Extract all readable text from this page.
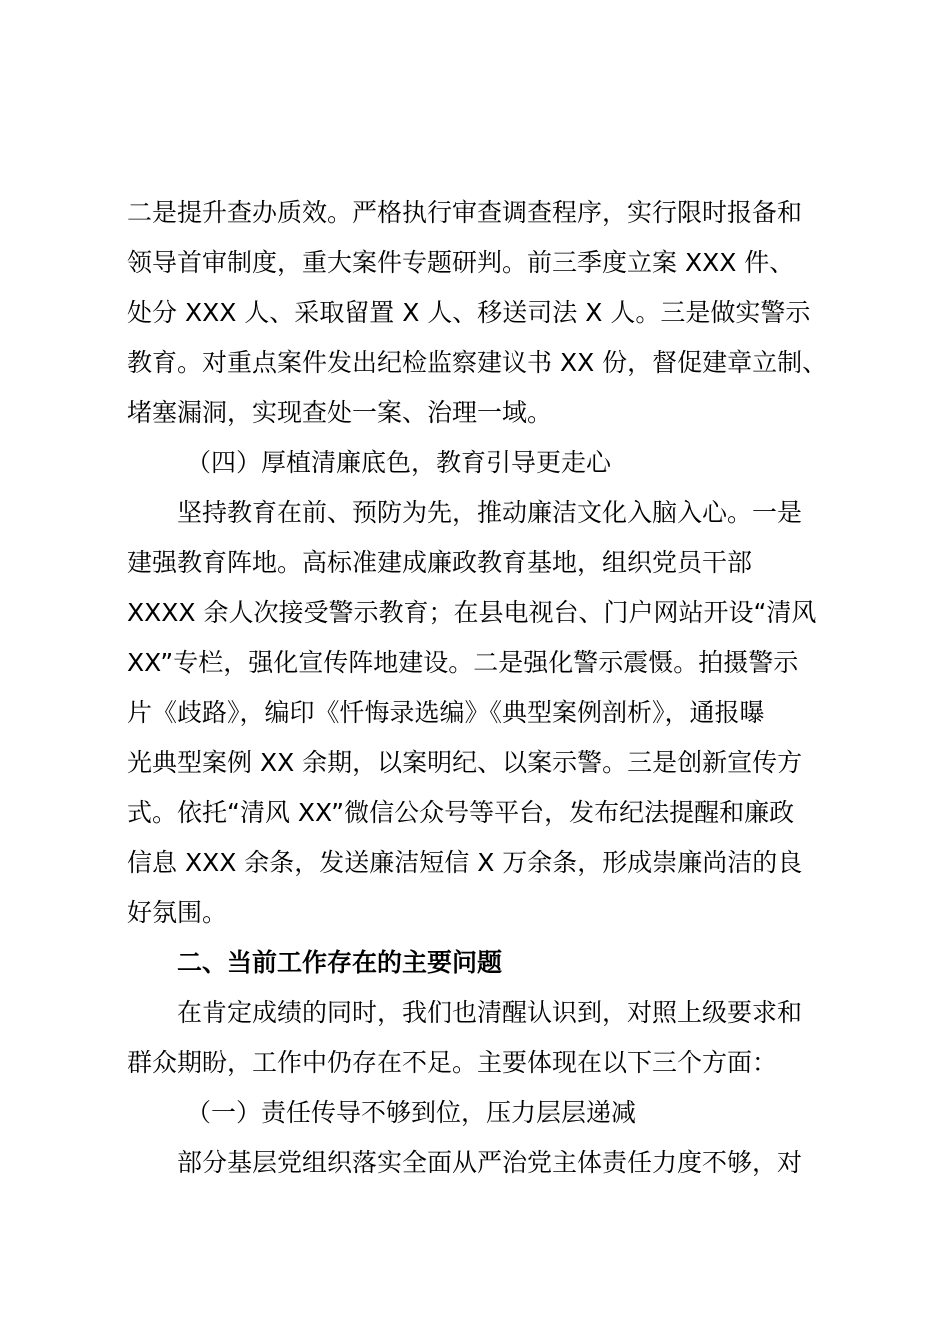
二是提升查办质效。严格执行审查调查程序，实行限时报备和

领导首审制度，重大案件专题研判。前三季度立案 XXX 件、

处分 XXX 人、采取留置 X 人、移送司法 X 人。三是做实警示

教育。对重点案件发出纪检监察建议书 XX 份，督促建章立制、

堵塞漏洞，实现查处一案、治理一域。

（四）厚植清廉底色，教育引导更走心

坚持教育在前、预防为先，推动廉洁文化入脑入心。一是

建强教育阵地。高标准建成廉政教育基地，组织党员干部

XXXX 余人次接受警示教育；在县电视台、门户网站开设“清风

XX”专栏，强化宣传阵地建设。二是强化警示震慑。拍摄警示

片《歧路》，编印《忏悔录选编》《典型案例剖析》，通报曝

光典型案例 XX 余期，以案明纪、以案示警。三是创新宣传方

式。依托“清风 XX”微信公众号等平台，发布纪法提醒和廉政

信息 XXX 余条，发送廉洁短信 X 万余条，形成崇廉尚洁的良

好氛围。

二、当前工作存在的主要问题

在肯定成绩的同时，我们也清醒认识到，对照上级要求和

群众期盼，工作中仍存在不足。主要体现在以下三个方面：

（一）责任传导不够到位，压力层层递减

部分基层党组织落实全面从严治党主体责任力度不够，对
